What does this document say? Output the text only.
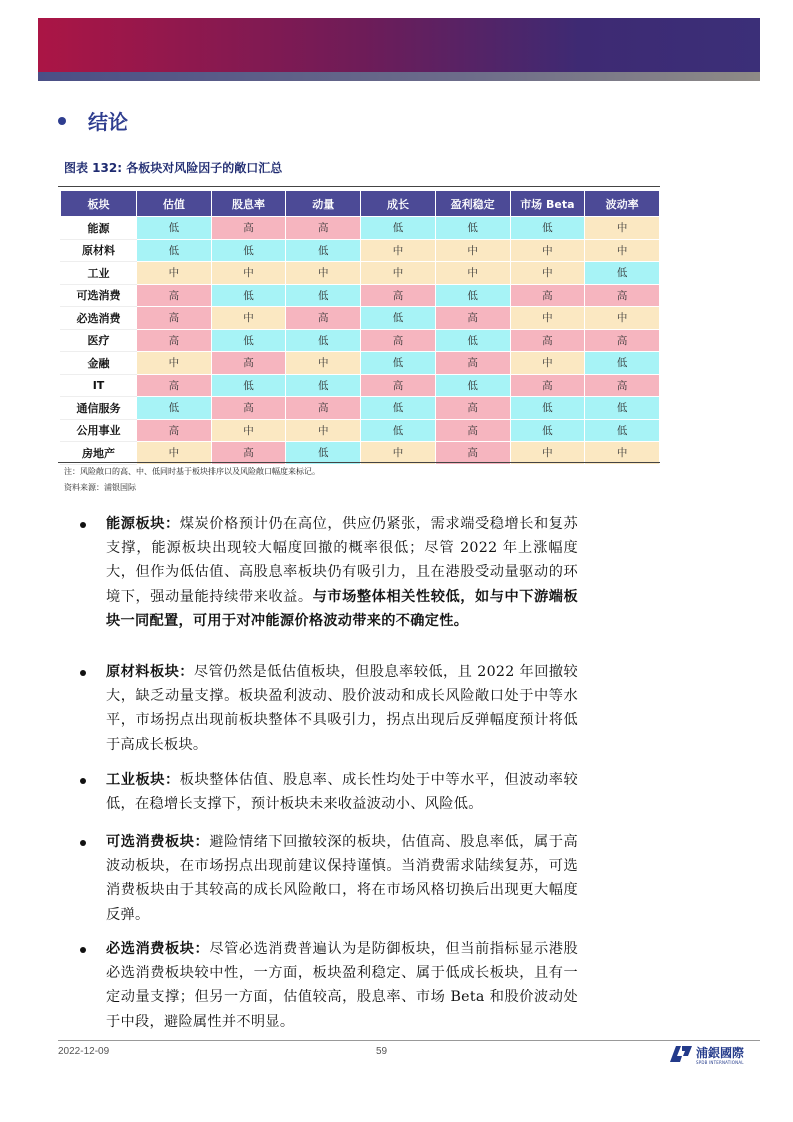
结论
图表 132: 各板块对风险因子的敞口汇总
板块	估值	股息率	动量	成长	盈利稳定	市场 Beta	波动率
能源	低	高	高	低	低	低	中
原材料	低	低	低	中	中	中	中
工业	中	中	中	中	中	中	低
可选消费	高	低	低	高	低	高	高
必选消费	高	中	高	低	高	中	中
医疗	高	低	低	高	低	高	高
金融	中	高	中	低	高	中	低
IT	高	低	低	高	低	高	高
通信服务	低	高	高	低	高	低	低
公用事业	高	中	中	低	高	低	低
房地产	中	高	低	中	高	中	中
注：风险敞口的高、中、低同时基于板块排序以及风险敞口幅度来标记。
资料来源：浦银国际
能源板块：煤炭价格预计仍在高位，供应仍紧张，需求端受稳增长和复苏支撑，能源板块出现较大幅度回撤的概率很低；尽管 2022 年上涨幅度大，但作为低估值、高股息率板块仍有吸引力，且在港股受动量驱动的环境下，强动量能持续带来收益。与市场整体相关性较低，如与中下游端板块一同配置，可用于对冲能源价格波动带来的不确定性。
原材料板块：尽管仍然是低估值板块，但股息率较低，且 2022 年回撤较大，缺乏动量支撑。板块盈利波动、股价波动和成长风险敞口处于中等水平，市场拐点出现前板块整体不具吸引力，拐点出现后反弹幅度预计将低于高成长板块。
工业板块：板块整体估值、股息率、成长性均处于中等水平，但波动率较低，在稳增长支撑下，预计板块未来收益波动小、风险低。
可选消费板块：避险情绪下回撤较深的板块，估值高、股息率低，属于高波动板块，在市场拐点出现前建议保持谨慎。当消费需求陆续复苏，可选消费板块由于其较高的成长风险敞口，将在市场风格切换后出现更大幅度反弹。
必选消费板块：尽管必选消费普遍认为是防御板块，但当前指标显示港股必选消费板块较中性，一方面，板块盈利稳定、属于低成长板块，且有一定动量支撑；但另一方面，估值较高，股息率、市场 Beta 和股价波动处于中段，避险属性并不明显。
2022-12-09	59	浦銀國際
SPDB INTERNATIONAL
